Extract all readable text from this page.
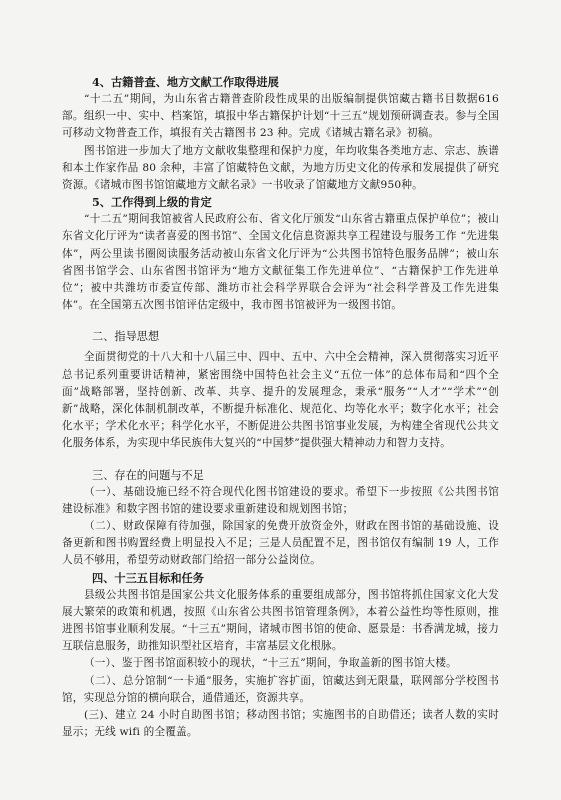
4、古籍普查、地方文献工作取得进展

“十二五”期间，为山东省古籍普查阶段性成果的出版编制提供馆藏古籍书目数据616部。组织一中、实中、档案馆，填报中华古籍保护计划“十三五”规划预研调查表。参与全国可移动文物普查工作，填报有关古籍图书 23 种。完成《诸城古籍名录》初稿。

图书馆进一步加大了地方文献收集整理和保护力度，年均收集各类地方志、宗志、族谱和本土作家作品 80 余种，丰富了馆藏特色文献，为地方历史文化的传承和发展提供了研究资源。《诸城市图书馆馆藏地方文献名录》一书收录了馆藏地方文献950种。

5、工作得到上级的肯定

“十二五”期间我馆被省人民政府公布、省文化厅颁发“山东省古籍重点保护单位”；被山东省文化厅评为“读者喜爱的图书馆”、全国文化信息资源共享工程建设与服务工作 “先进集体”，两公里读书圈阅读服务活动被山东省文化厅评为“公共图书馆特色服务品牌”；被山东省图书馆学会、山东省图书馆评为“地方文献征集工作先进单位”、“古籍保护工作先进单位”；被中共潍坊市委宣传部、潍坊市社会科学界联合会评为“社会科学普及工作先进集体”。在全国第五次图书馆评估定级中，我市图书馆被评为一级图书馆。

二、指导思想

全面贯彻党的十八大和十八届三中、四中、五中、六中全会精神，深入贯彻落实习近平总书记系列重要讲话精神，紧密围绕中国特色社会主义“五位一体”的总体布局和“四个全面”战略部署，坚持创新、改革、共享、提升的发展理念，秉承“服务”“人才”“学术”“创新”战略，深化体制机制改革，不断提升标准化、规范化、均等化水平；数字化水平；社会化水平；学术化水平；科学化水平，不断促进公共图书馆事业发展，为构建全省现代公共文化服务体系，为实现中华民族伟大复兴的“中国梦”提供强大精神动力和智力支持。

三、存在的问题与不足

（一）、基础设施已经不符合现代化图书馆建设的要求。希望下一步按照《公共图书馆建设标准》和数字图书馆的建设要求重新建设和规划图书馆；

（二）、财政保障有待加强，除国家的免费开放资金外，财政在图书馆的基础设施、设备更新和图书购置经费上明显投入不足；三是人员配置不足，图书馆仅有编制 19 人，工作人员不够用，希望劳动财政部门给招一部分公益岗位。

四、十三五目标和任务

县级公共图书馆是国家公共文化服务体系的重要组成部分，图书馆将抓住国家文化大发展大繁荣的政策和机遇，按照《山东省公共图书馆管理条例》，本着公益性均等性原则，推进图书馆事业顺利发展。“十三五”期间，诸城市图书馆的使命、愿景是：书香满龙城，接力互联信息服务，助推知识型社区培育，丰富基层文化根脉。

（一）、鉴于图书馆面积较小的现状，“十三五”期间，争取盖新的图书馆大楼。

（二）、总分馆制“一卡通”服务，实施扩容扩面，馆藏达到无限量，联网部分学校图书馆，实现总分馆的横向联合，通借通还，资源共享。

(三)、建立 24 小时自助图书馆；移动图书馆；实施图书的自助借还；读者人数的实时显示；无线 wifi 的全覆盖。
